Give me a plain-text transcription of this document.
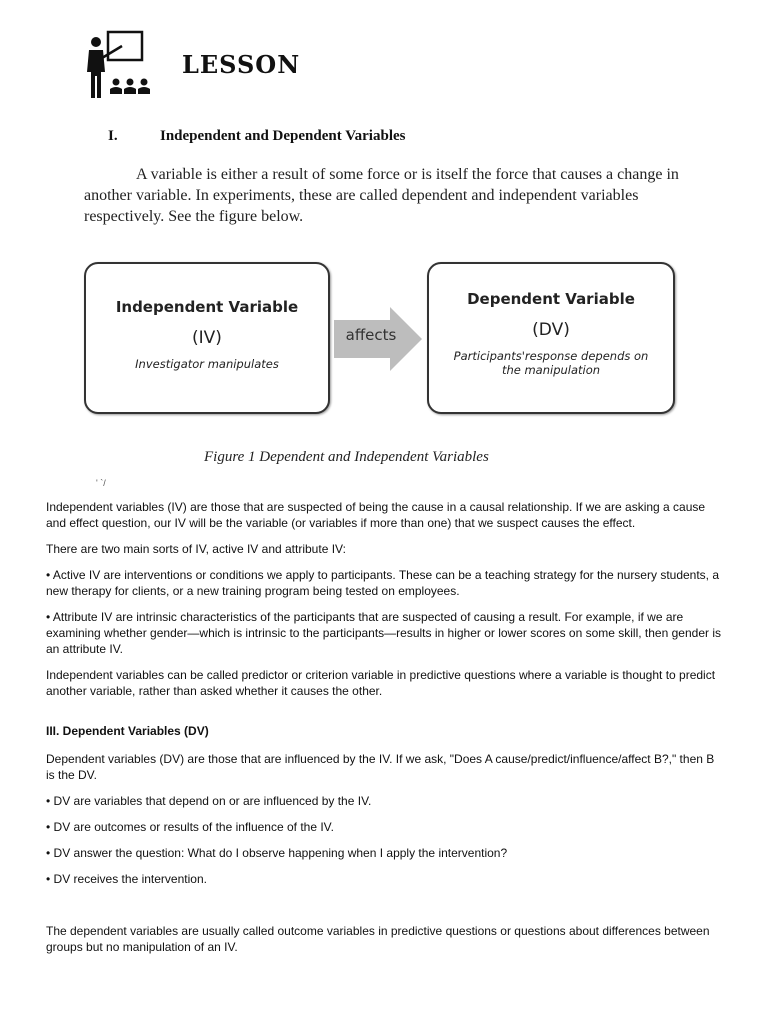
LESSON
I.	Independent and Dependent Variables
A variable is either a result of some force or is itself the force that causes a change in another variable. In experiments, these are called dependent and independent variables respectively. See the figure below.
Independent Variable
(IV)
Investigator manipulates
affects
Dependent Variable
(DV)
Participants'response depends on
the manipulation
Figure 1 Dependent and Independent Variables
' `/

Independent variables (IV) are those that are suspected of being the cause in a causal relationship. If we are asking a cause and effect question, our IV will be the variable (or variables if more than one) that we suspect causes the effect.

There are two main sorts of IV, active IV and attribute IV:

• Active IV are interventions or conditions we apply to participants. These can be a teaching strategy for the nursery students, a new therapy for clients, or a new training program being tested on employees.

• Attribute IV are intrinsic characteristics of the participants that are suspected of causing a result. For example, if we are examining whether gender—which is intrinsic to the participants—results in higher or lower scores on some skill, then gender is an attribute IV.

Independent variables can be called predictor or criterion variable in predictive questions where a variable is thought to predict another variable, rather than asked whether it causes the other.

III. Dependent Variables (DV)

Dependent variables (DV) are those that are influenced by the IV. If we ask, "Does A cause/predict/influence/affect B?," then B is the DV.

• DV are variables that depend on or are influenced by the IV.

• DV are outcomes or results of the influence of the IV.

• DV answer the question: What do I observe happening when I apply the intervention?

• DV receives the intervention.

The dependent variables are usually called outcome variables in predictive questions or questions about differences between groups but no manipulation of an IV.
